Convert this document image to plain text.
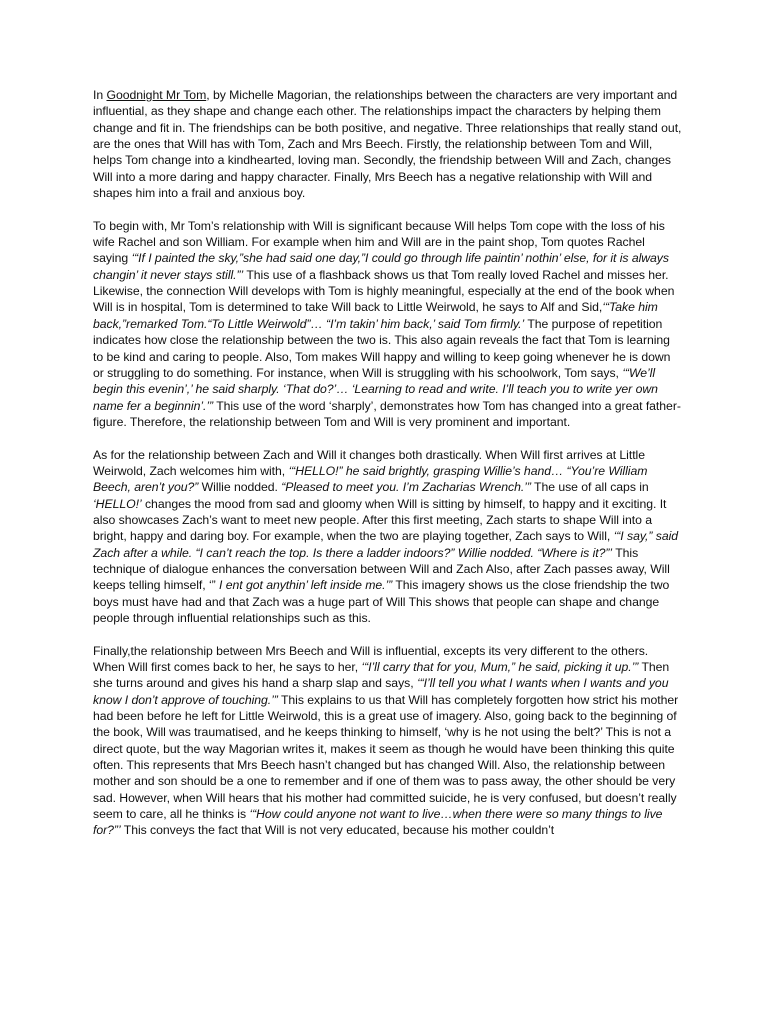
In Goodnight Mr Tom, by Michelle Magorian, the relationships between the characters are very important and influential, as they shape and change each other. The relationships impact the characters by helping them change and fit in. The friendships can be both positive, and negative. Three relationships that really stand out, are the ones that Will has with Tom, Zach and Mrs Beech. Firstly, the relationship between Tom and Will, helps Tom change into a kindhearted, loving man. Secondly, the friendship between Will and Zach, changes Will into a more daring and happy character. Finally, Mrs Beech has a negative relationship with Will and shapes him into a frail and anxious boy.

To begin with, Mr Tom’s relationship with Will is significant because Will helps Tom cope with the loss of his wife Rachel and son William. For example when him and Will are in the paint shop, Tom quotes Rachel saying ‘“If I painted the sky,”she had said one day,”I could go through life paintin’ nothin’ else, for it is always changin’ it never stays still.”’ This use of a flashback shows us that Tom really loved Rachel and misses her. Likewise, the connection Will develops with Tom is highly meaningful, especially at the end of the book when Will is in hospital, Tom is determined to take Will back to Little Weirwold, he says to Alf and Sid,‘“Take him back,”remarked Tom.“To Little Weirwold”… “I’m takin’ him back,’ said Tom firmly.’ The purpose of repetition indicates how close the relationship between the two is. This also again reveals the fact that Tom is learning to be kind and caring to people. Also, Tom makes Will happy and willing to keep going whenever he is down or struggling to do something. For instance, when Will is struggling with his schoolwork, Tom says, ‘“We’ll begin this evenin’,’ he said sharply. ‘That do?’… ‘Learning to read and write. I’ll teach you to write yer own name fer a beginnin’.’” This use of the word ‘sharply’, demonstrates how Tom has changed into a great father-figure. Therefore, the relationship between Tom and Will is very prominent and important.

As for the relationship between Zach and Will it changes both drastically. When Will first arrives at Little Weirwold, Zach welcomes him with, ‘“HELLO!” he said brightly, grasping Willie’s hand… “You’re William Beech, aren’t you?” Willie nodded. “Pleased to meet you. I’m Zacharias Wrench.’” The use of all caps in ‘HELLO!’ changes the mood from sad and gloomy when Will is sitting by himself, to happy and it exciting. It also showcases Zach’s want to meet new people. After this first meeting, Zach starts to shape Will into a bright, happy and daring boy. For example, when the two are playing together, Zach says to Will, ‘“I say,” said Zach after a while. “I can’t reach the top. Is there a ladder indoors?” Willie nodded. “Where is it?”’ This technique of dialogue enhances the conversation between Will and Zach Also, after Zach passes away, Will keeps telling himself, ‘” I ent got anythin’ left inside me.’” This imagery shows us the close friendship the two boys must have had and that Zach was a huge part of Will This shows that people can shape and change people through influential relationships such as this.

Finally,the relationship between Mrs Beech and Will is influential, excepts its very different to the others. When Will first comes back to her, he says to her, ‘“I’ll carry that for you, Mum,” he said, picking it up.’” Then she turns around and gives his hand a sharp slap and says, ‘“I’ll tell you what I wants when I wants and you know I don’t approve of touching.’” This explains to us that Will has completely forgotten how strict his mother had been before he left for Little Weirwold, this is a great use of imagery. Also, going back to the beginning of the book, Will was traumatised, and he keeps thinking to himself, ‘why is he not using the belt?’ This is not a direct quote, but the way Magorian writes it, makes it seem as though he would have been thinking this quite often. This represents that Mrs Beech hasn’t changed but has changed Will. Also, the relationship between mother and son should be a one to remember and if one of them was to pass away, the other should be very sad. However, when Will hears that his mother had committed suicide, he is very confused, but doesn’t really seem to care, all he thinks is ‘“How could anyone not want to live…when there were so many things to live for?”’ This conveys the fact that Will is not very educated, because his mother couldn’t
